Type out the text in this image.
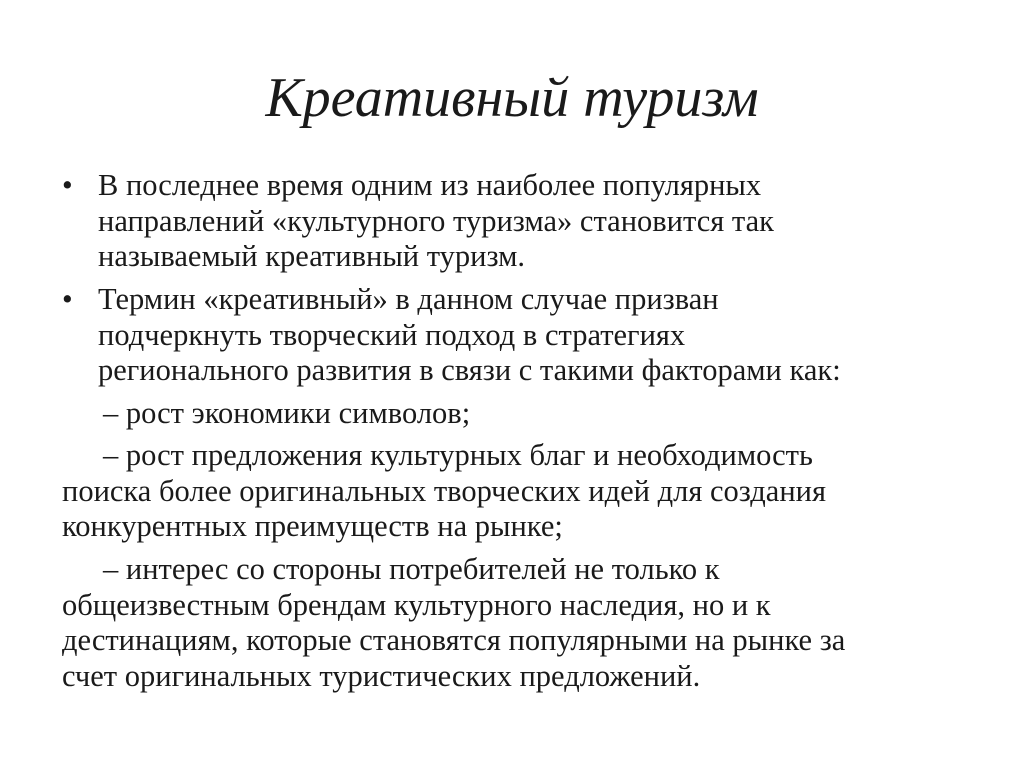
Креативный туризм
• В последнее время одним из наиболее популярных
направлений «культурного туризма» становится так
называемый креативный туризм.
• Термин «креативный» в данном случае призван
подчеркнуть творческий подход в стратегиях
регионального развития в связи с такими факторами как:
– рост экономики символов;
– рост предложения культурных благ и необходимость
поиска более оригинальных творческих идей для создания
конкурентных преимуществ на рынке;
– интерес со стороны потребителей не только к
общеизвестным брендам культурного наследия, но и к
дестинациям, которые становятся популярными на рынке за
счет оригинальных туристических предложений.
